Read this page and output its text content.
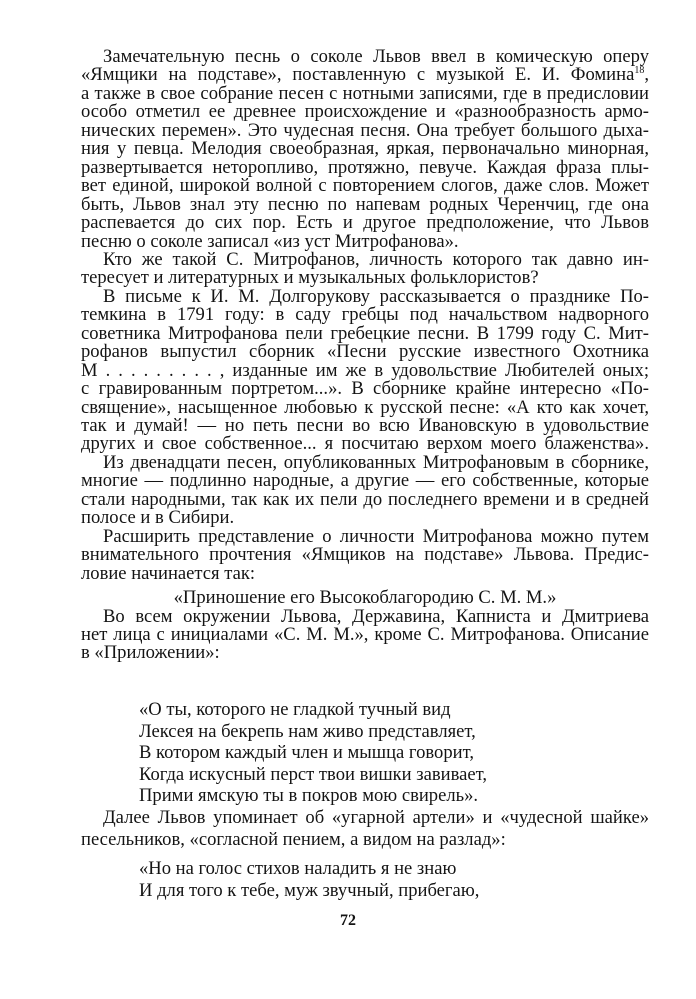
Замечательную песнь о соколе Львов ввел в комическую оперу
«Ямщики на подставе», поставленную с музыкой Е. И. Фомина$^{18}$,
а также в свое собрание песен с нотными записями, где в предисловии
особо отметил ее древнее происхождение и «разнообразность армо-
нических перемен». Это чудесная песня. Она требует большого дыха-
ния у певца. Мелодия своеобразная, яркая, первоначально минорная,
развертывается неторопливо, протяжно, певуче. Каждая фраза плы-
вет единой, широкой волной с повторением слогов, даже слов. Может
быть, Львов знал эту песню по напевам родных Черенчиц, где она
распевается до сих пор. Есть и другое предположение, что Львов
песню о соколе записал «из уст Митрофанова».
Кто же такой С. Митрофанов, личность которого так давно ин-
тересует и литературных и музыкальных фольклористов?
В письме к И. М. Долгорукову рассказывается о празднике По-
темкина в 1791 году: в саду гребцы под начальством надворного
советника Митрофанова пели гребецкие песни. В 1799 году С. Мит-
рофанов выпустил сборник «Песни русские известного Охотника
М . . . . . . . . . , изданные им же в удовольствие Любителей оных;
с гравированным портретом...». В сборнике крайне интересно «По-
священие», насыщенное любовью к русской песне: «А кто как хочет,
так и думай! — но петь песни во всю Ивановскую в удовольствие
других и свое собственное... я посчитаю верхом моего блаженства».
Из двенадцати песен, опубликованных Митрофановым в сборнике,
многие — подлинно народные, а другие — его собственные, которые
стали народными, так как их пели до последнего времени и в средней
полосе и в Сибири.
Расширить представление о личности Митрофанова можно путем
внимательного прочтения «Ямщиков на подставе» Львова. Предис-
ловие начинается так:
«Приношение его Высокоблагородию С. М. М.»
Во всем окружении Львова, Державина, Капниста и Дмитриева
нет лица с инициалами «С. М. М.», кроме С. Митрофанова. Описание
в «Приложении»:
«О ты, которого не гладкой тучный вид
Лексея на бекрепь нам живо представляет,
В котором каждый член и мышца говорит,
Когда искусный перст твои вишки завивает,
Прими ямскую ты в покров мою свирель».
72
Далее Львов упоминает об «угарной артели» и «чудесной шайке»
песельников, «согласной пением, а видом на разлад»:
«Но на голос стихов наладить я не знаю
И для того к тебе, муж звучный, прибегаю,
